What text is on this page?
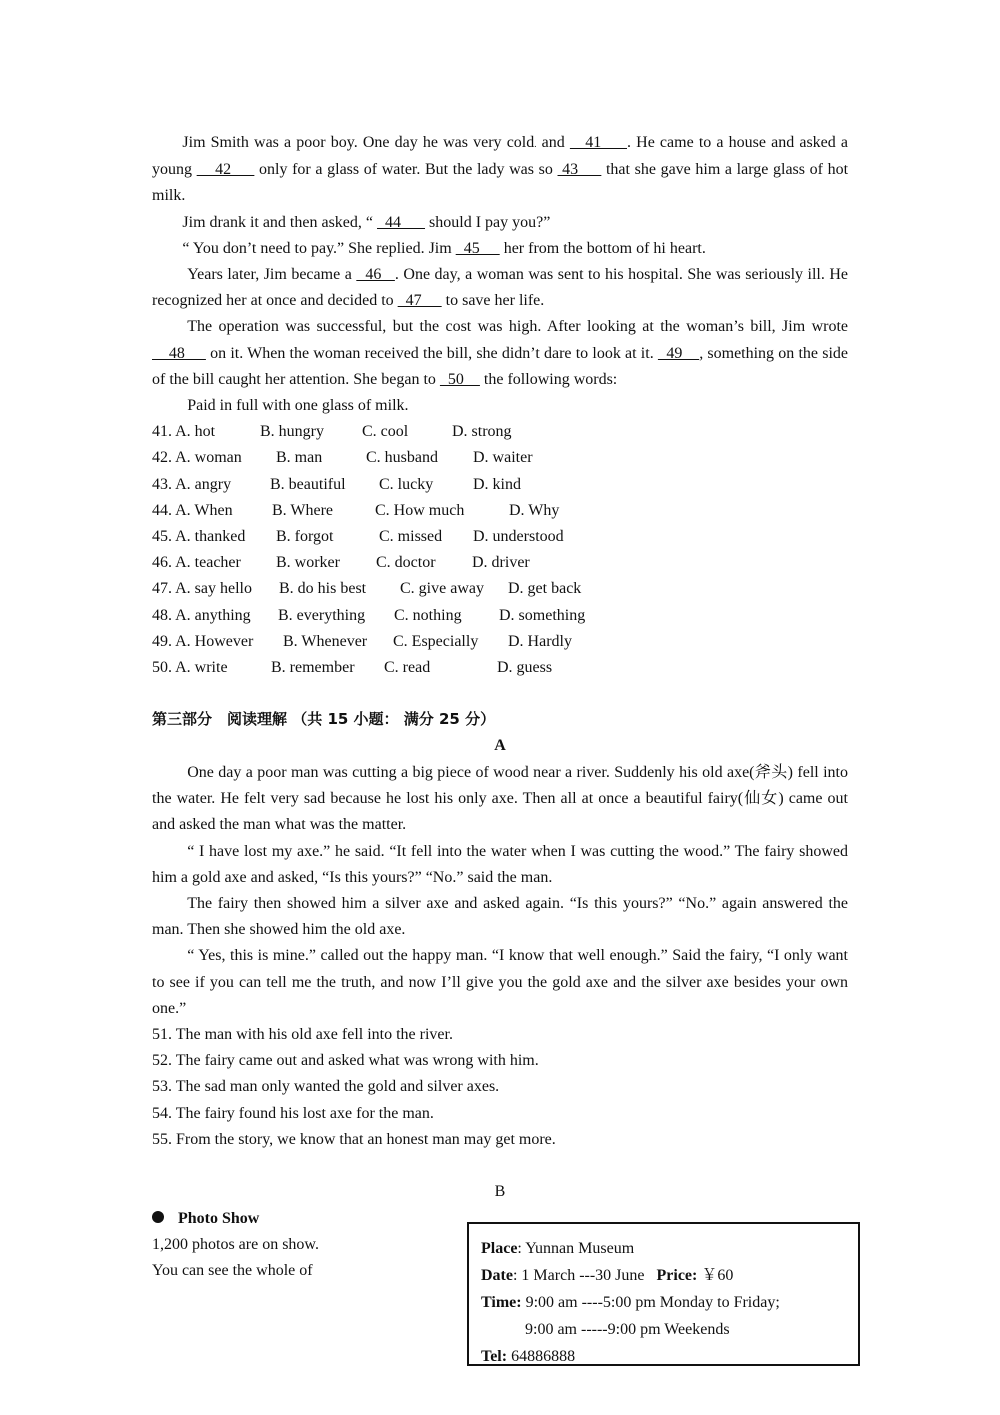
Jim Smith was a poor boy. One day he was very cold. and    41     . He came to a house and asked a young     42      only for a glass of water. But the lady was so  43      that she gave him a large glass of hot milk.

Jim drank it and then asked, “   44       should I pay you?”

“ You don’t need to pay.” She replied. Jim   45      her from the bottom of hi heart.

Years later, Jim became a   46   . One day, a woman was sent to his hospital. She was seriously ill. He recognized her at once and decided to   47      to save her life.

The operation was successful, but the cost was high. After looking at the woman’s bill, Jim wrote     48      on it. When the woman received the bill, she didn’t dare to look at it.   49    , something on the side of the bill caught her attention. She began to   50     the following words:

Paid in full with one glass of milk.

41. A. hot	B. hungry C. cool	D. strong
42. A. woman B. man	C. husband D. waiter
43. A. angry B. beautiful C. lucky D. kind
44. A. When B. Where	C. How much	D. Why
45. A. thanked B. forgot	C. missed D. understood
46. A. teacher B. worker C. doctor D. driver
47. A. say hello B. do his best C. give away D. get back
48. A. anything B. everything C. nothing D. something
49. A. However B. Whenever C. Especially D. Hardly
50. A. write	B. remember C. read	D. guess
第三部分　阅读理解 （共 15 小题： 满分 25 分）
A

One day a poor man was cutting a big piece of wood near a river. Suddenly his old axe(斧头) fell into the water. He felt very sad because he lost his only axe. Then all at once a beautiful fairy(仙女) came out and asked the man what was the matter.

“ I have lost my axe.” he said. “It fell into the water when I was cutting the wood.” The fairy showed him a gold axe and asked, “Is this yours?” “No.” said the man.

The fairy then showed him a silver axe and asked again. “Is this yours?” “No.” again answered the man. Then she showed him the old axe.

“ Yes, this is mine.” called out the happy man. “I know that well enough.” Said the fairy, “I only want to see if you can tell me the truth, and now I’ll give you the gold axe and the silver axe besides your own one.”

51. The man with his old axe fell into the river.

52. The fairy came out and asked what was wrong with him.

53. The sad man only wanted the gold and silver axes.

54. The fairy found his lost axe for the man.

55. From the story, we know that an honest man may get more.

B

Photo Show

1,200 photos are on show.

You can see the whole of

Place: Yunnan Museum
Date: 1 March ---30 June Price: ￥60
Time: 9:00 am ----5:00 pm Monday to Friday;
9:00 am -----9:00 pm Weekends
Tel: 64886888
